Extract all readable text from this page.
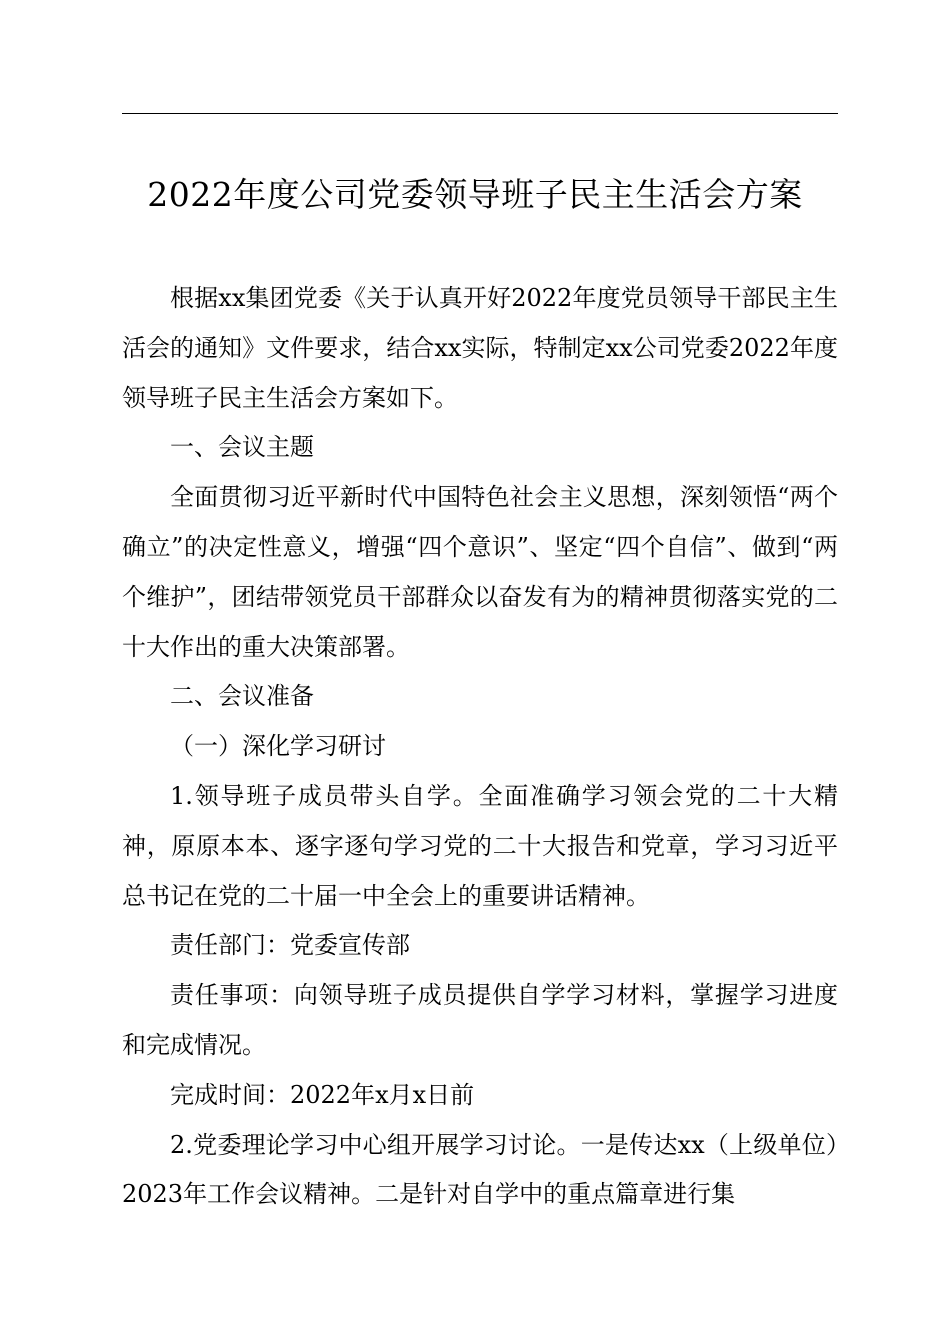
2022年度公司党委领导班子民主生活会方案

根据xx集团党委《关于认真开好2022年度党员领导干部民主生活会的通知》文件要求，结合xx实际，特制定xx公司党委2022年度领导班子民主生活会方案如下。

一、会议主题

全面贯彻习近平新时代中国特色社会主义思想，深刻领悟“两个确立”的决定性意义，增强“四个意识”、坚定“四个自信”、做到“两个维护”，团结带领党员干部群众以奋发有为的精神贯彻落实党的二十大作出的重大决策部署。

二、会议准备

（一）深化学习研讨

1.领导班子成员带头自学。全面准确学习领会党的二十大精神，原原本本、逐字逐句学习党的二十大报告和党章，学习习近平总书记在党的二十届一中全会上的重要讲话精神。

责任部门：党委宣传部

责任事项：向领导班子成员提供自学学习材料，掌握学习进度和完成情况。

完成时间：2022年x月x日前

2.党委理论学习中心组开展学习讨论。一是传达xx（上级单位）2023年工作会议精神。二是针对自学中的重点篇章进行集
